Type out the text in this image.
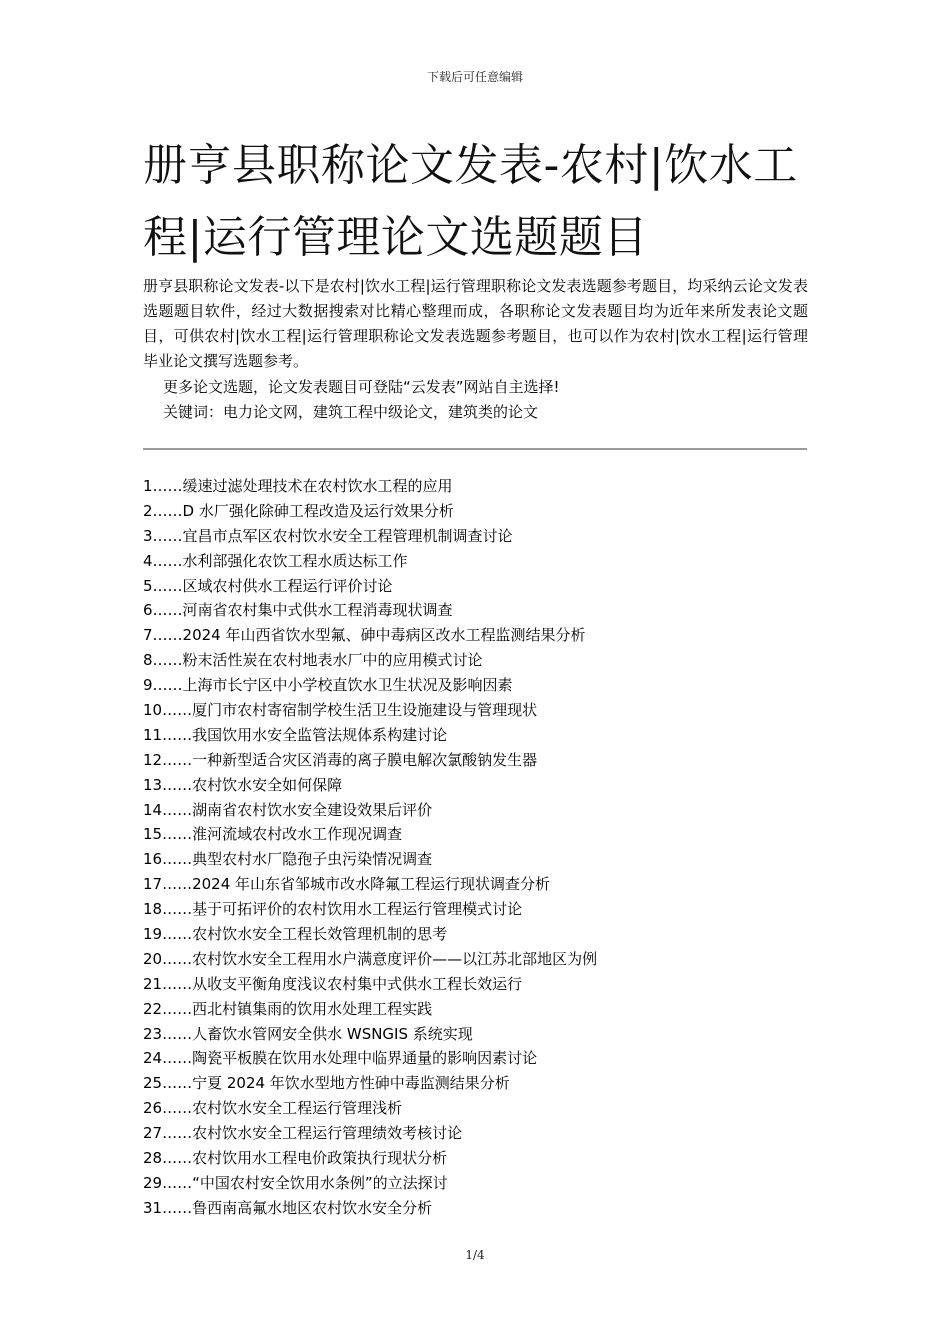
下载后可任意编辑
册亨县职称论文发表-农村|饮水工程|运行管理论文选题题目

册亨县职称论文发表-以下是农村|饮水工程|运行管理职称论文发表选题参考题目，均采纳云论文发表选题题目软件，经过大数据搜索对比精心整理而成，各职称论文发表题目均为近年来所发表论文题目，可供农村|饮水工程|运行管理职称论文发表选题参考题目，也可以作为农村|饮水工程|运行管理毕业论文撰写选题参考。

更多论文选题，论文发表题目可登陆“云发表”网站自主选择!

关键词：电力论文网，建筑工程中级论文，建筑类的论文

1……缓速过滤处理技术在农村饮水工程的应用
2……D 水厂强化除砷工程改造及运行效果分析
3……宜昌市点军区农村饮水安全工程管理机制调查讨论
4……水利部强化农饮工程水质达标工作
5……区域农村供水工程运行评价讨论
6……河南省农村集中式供水工程消毒现状调查
7……2024 年山西省饮水型氟、砷中毒病区改水工程监测结果分析
8……粉末活性炭在农村地表水厂中的应用模式讨论
9……上海市长宁区中小学校直饮水卫生状况及影响因素
10……厦门市农村寄宿制学校生活卫生设施建设与管理现状
11……我国饮用水安全监管法规体系构建讨论
12……一种新型适合灾区消毒的离子膜电解次氯酸钠发生器
13……农村饮水安全如何保障
14……湖南省农村饮水安全建设效果后评价
15……淮河流域农村改水工作现况调查
16……典型农村水厂隐孢子虫污染情况调查
17……2024 年山东省邹城市改水降氟工程运行现状调查分析
18……基于可拓评价的农村饮用水工程运行管理模式讨论
19……农村饮水安全工程长效管理机制的思考
20……农村饮水安全工程用水户满意度评价——以江苏北部地区为例
21……从收支平衡角度浅议农村集中式供水工程长效运行
22……西北村镇集雨的饮用水处理工程实践
23……人畜饮水管网安全供水 WSNGIS 系统实现
24……陶瓷平板膜在饮用水处理中临界通量的影响因素讨论
25……宁夏 2024 年饮水型地方性砷中毒监测结果分析
26……农村饮水安全工程运行管理浅析
27……农村饮水安全工程运行管理绩效考核讨论
28……农村饮用水工程电价政策执行现状分析
29……“中国农村安全饮用水条例”的立法探讨
31……鲁西南高氟水地区农村饮水安全分析
1/4
